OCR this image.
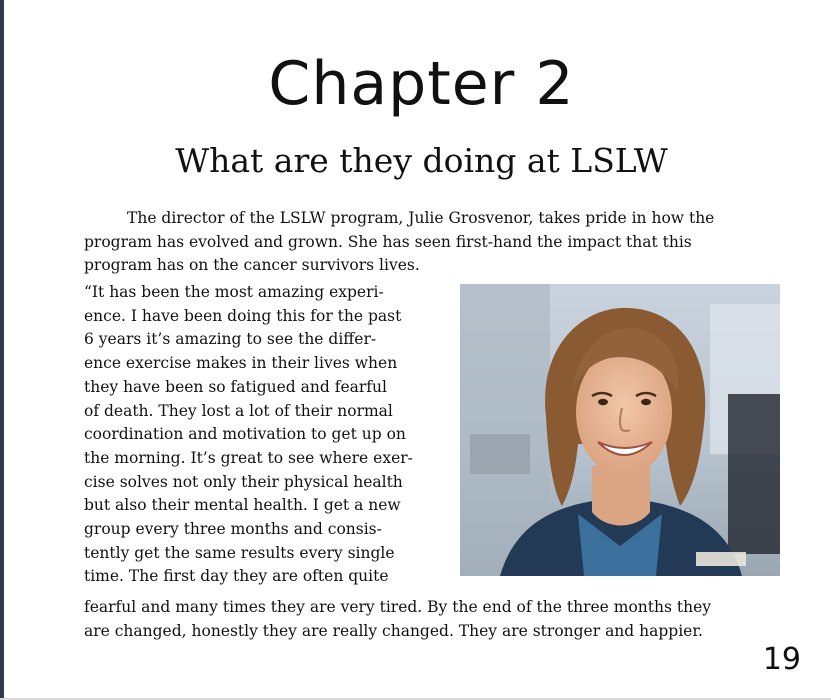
Chapter 2
What are they doing at LSLW
The director of the LSLW program, Julie Grosvenor, takes pride in how the
program has evolved and grown. She has seen first-hand the impact that this
program has on the cancer survivors lives.
“It has been the most amazing experi-
ence. I have been doing this for the past
6 years it’s amazing to see the differ-
ence exercise makes in their lives when
they have been so fatigued and fearful
of death. They lost a lot of their normal
coordination and motivation to get up on
the morning. It’s great to see where exer-
cise solves not only their physical health
but also their mental health. I get a new
group every three months and consis-
tently get the same results every single
time. The first day they are often quite
fearful and many times they are very tired. By the end of the three months they
are changed, honestly they are really changed. They are stronger and happier.
19
